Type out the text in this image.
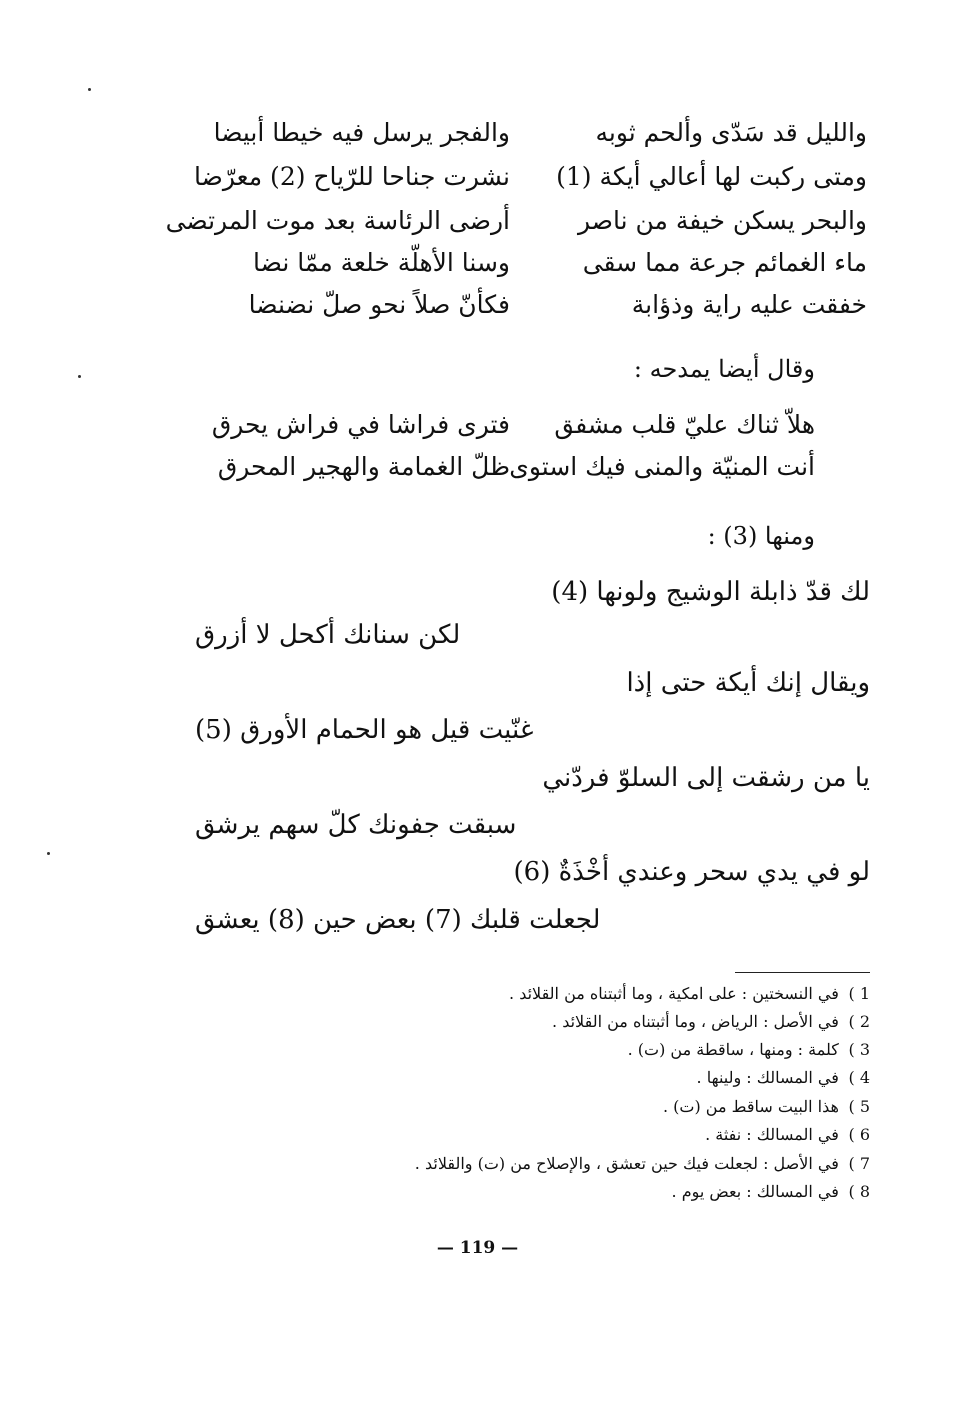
والليل قد سَدّى وألحم ثوبه
والفجر يرسل فيه خيطا أبيضا
ومتى ركبت لها أعالي أيكة (1)
نشرت جناحا للرّياح (2) معرّضا
والبحر يسكن خيفة من ناصر
أرضى الرئاسة بعد موت المرتضى
ماء الغمائم جرعة مما سقى
وسنا الأهلّة خلعة ممّا نضا
خفقت عليه راية وذؤابة
فكأنّ صلاً نحو صلّ نضنضا
وقال أيضا يمدحه :
هلاّ ثناك عليّ قلب مشفق
فترى فراشا في فراش يحرق
أنت المنيّة والمنى فيك استوى
ظلّ الغمامة والهجير المحرق
ومنها (3) :
لك قدّ ذابلة الوشيج ولونها (4)
لكن سنانك أكحل لا أزرق
ويقال إنك أيكة حتى إذا
غنّيت قيل هو الحمام الأورق (5)
يا من رشقت إلى السلوّ فردّني
سبقت جفونك كلّ سهم يرشق
لو في يدي سحر وعندي أخْذَةٌ (6)
لجعلت قلبك (7) بعض حين (8) يعشق
1 ) في النسختين : على امكية ، وما أثبتناه من القلائد .
2 ) في الأصل : الرياض ، وما أثبتناه من القلائد .
3 ) كلمة : ومنها ، ساقطة من (ت) .
4 ) في المسالك : ولينها .
5 ) هذا البيت ساقط من (ت) .
6 ) في المسالك : نفثة .
7 ) في الأصل : لجعلت فيك حين تعشق ، والإصلاح من (ت) والقلائد .
8 ) في المسالك : بعض يوم .
— 119 —
